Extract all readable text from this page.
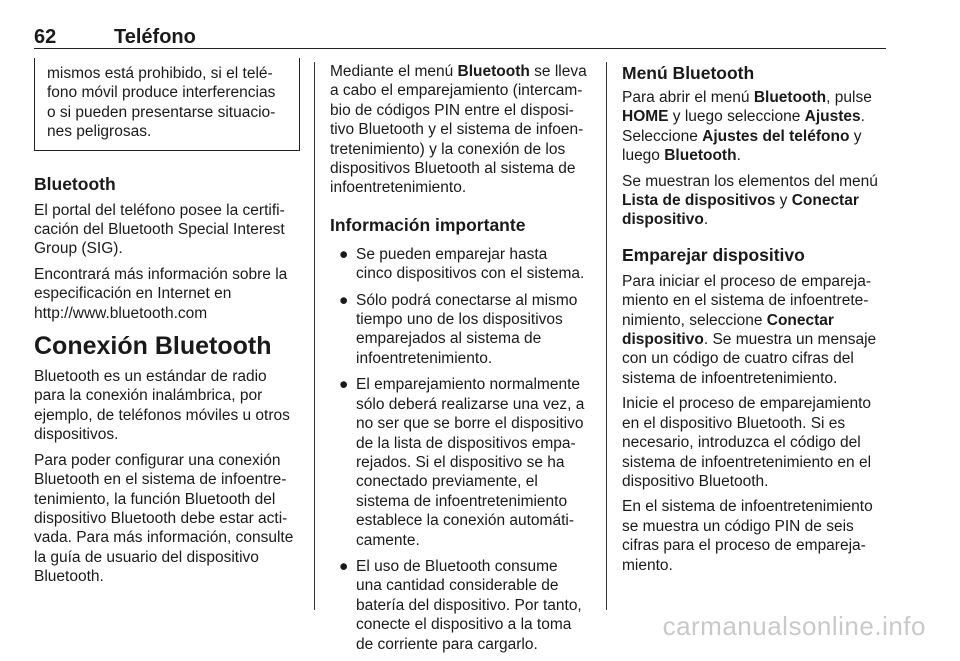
62	Teléfono
mismos está prohibido, si el telé-
fono móvil produce interferencias
o si pueden presentarse situacio-
nes peligrosas.
Bluetooth

El portal del teléfono posee la certifi-
cación del Bluetooth Special Interest
Group (SIG).

Encontrará más información sobre la
especificación en Internet en
http://www.bluetooth.com

Conexión Bluetooth

Bluetooth es un estándar de radio
para la conexión inalámbrica, por
ejemplo, de teléfonos móviles u otros
dispositivos.

Para poder configurar una conexión
Bluetooth en el sistema de infoentre-
tenimiento, la función Bluetooth del
dispositivo Bluetooth debe estar acti-
vada. Para más información, consulte
la guía de usuario del dispositivo
Bluetooth.

Mediante el menú Bluetooth se lleva
a cabo el emparejamiento (intercam-
bio de códigos PIN entre el disposi-
tivo Bluetooth y el sistema de infoen-
tretenimiento) y la conexión de los
dispositivos Bluetooth al sistema de
infoentretenimiento.

Información importante
● Se pueden emparejar hasta
cinco dispositivos con el sistema.
● Sólo podrá conectarse al mismo
tiempo uno de los dispositivos
emparejados al sistema de
infoentretenimiento.
● El emparejamiento normalmente
sólo deberá realizarse una vez, a
no ser que se borre el dispositivo
de la lista de dispositivos empa-
rejados. Si el dispositivo se ha
conectado previamente, el
sistema de infoentretenimiento
establece la conexión automáti-
camente.
● El uso de Bluetooth consume
una cantidad considerable de
batería del dispositivo. Por tanto,
conecte el dispositivo a la toma
de corriente para cargarlo.
Menú Bluetooth

Para abrir el menú Bluetooth, pulse
HOME y luego seleccione Ajustes.
Seleccione Ajustes del teléfono y
luego Bluetooth.

Se muestran los elementos del menú
Lista de dispositivos y Conectar
dispositivo.

Emparejar dispositivo

Para iniciar el proceso de empareja-
miento en el sistema de infoentrete-
nimiento, seleccione Conectar
dispositivo. Se muestra un mensaje
con un código de cuatro cifras del
sistema de infoentretenimiento.

Inicie el proceso de emparejamiento
en el dispositivo Bluetooth. Si es
necesario, introduzca el código del
sistema de infoentretenimiento en el
dispositivo Bluetooth.

En el sistema de infoentretenimiento
se muestra un código PIN de seis
cifras para el proceso de empareja-
miento.

carmanualsonline.info
